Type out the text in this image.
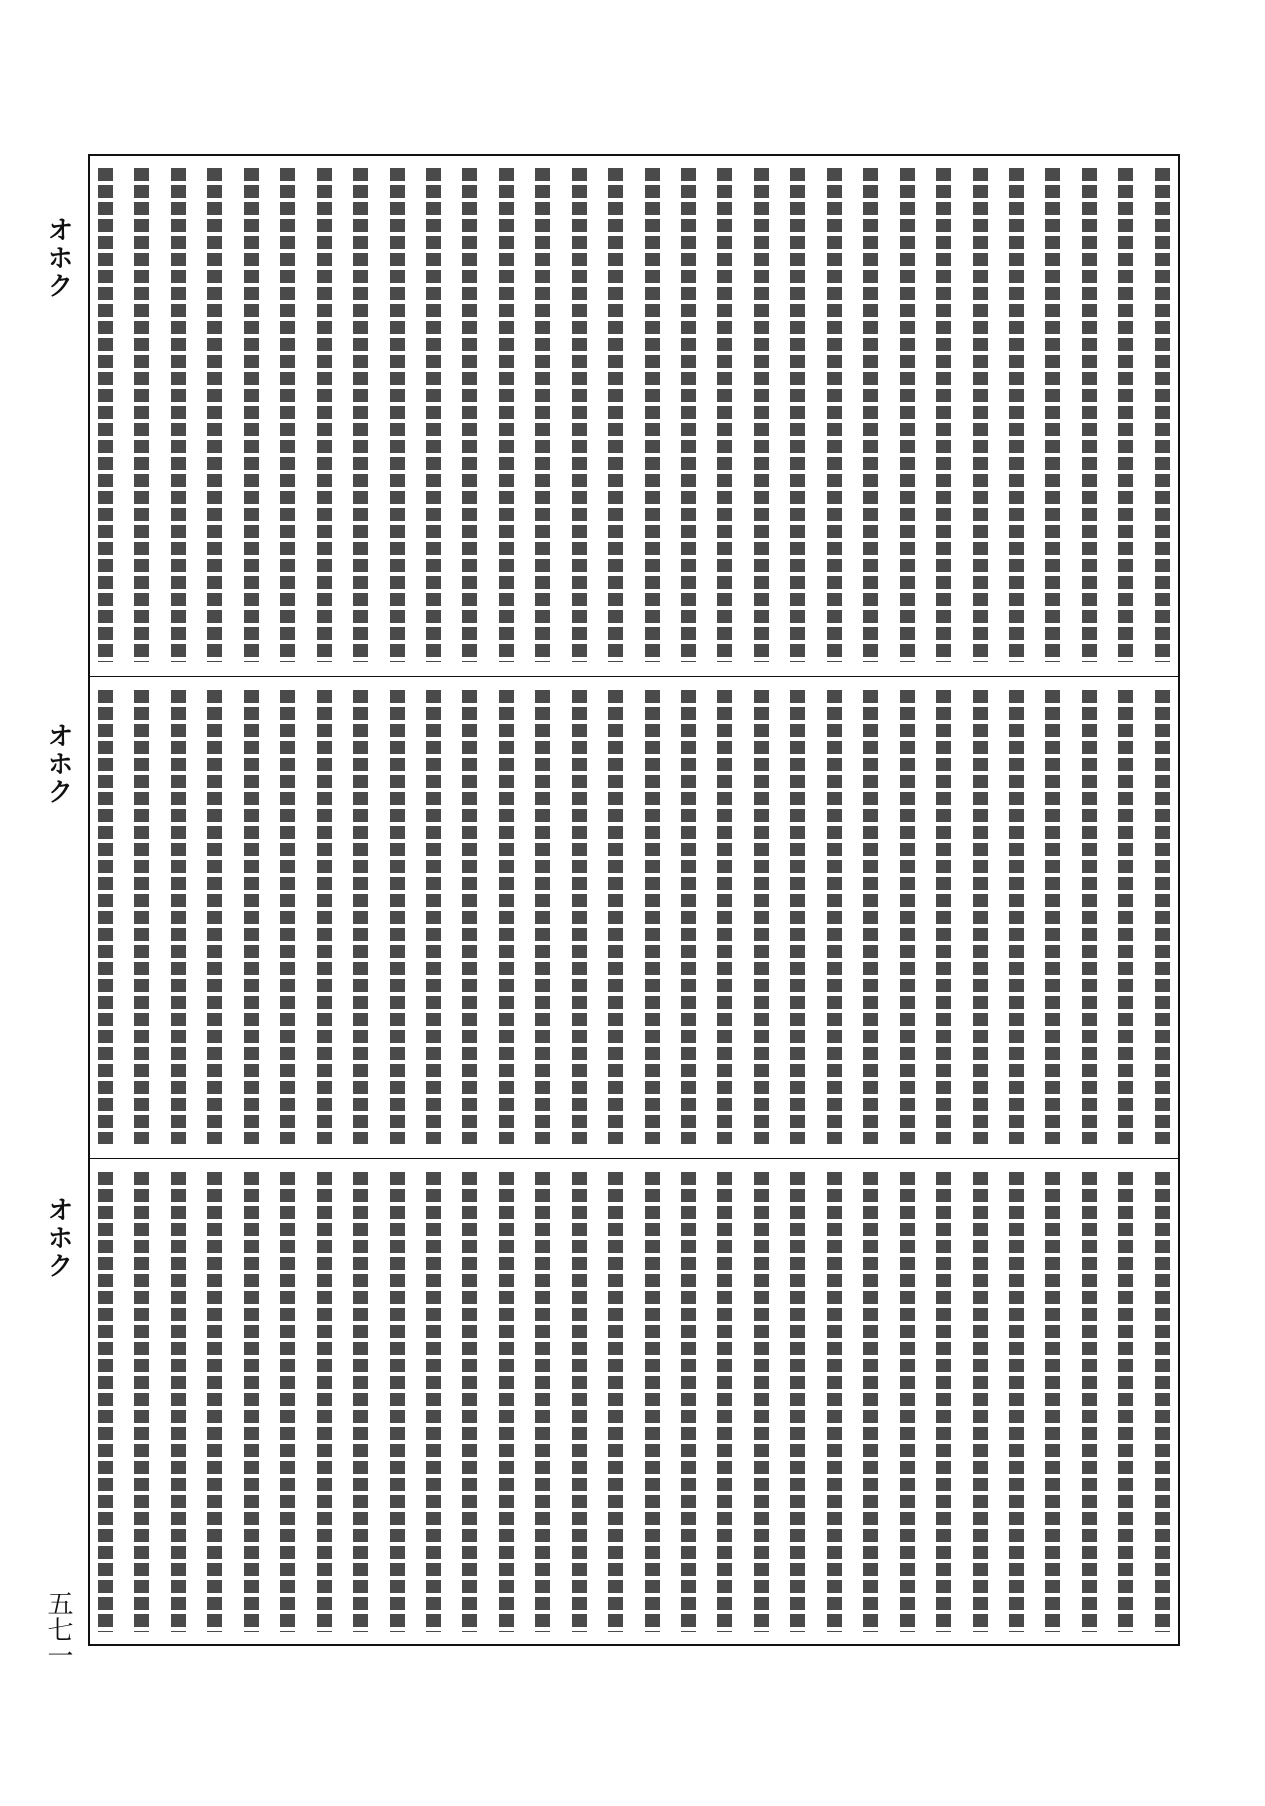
オホク
オホク
オホク
五七一
